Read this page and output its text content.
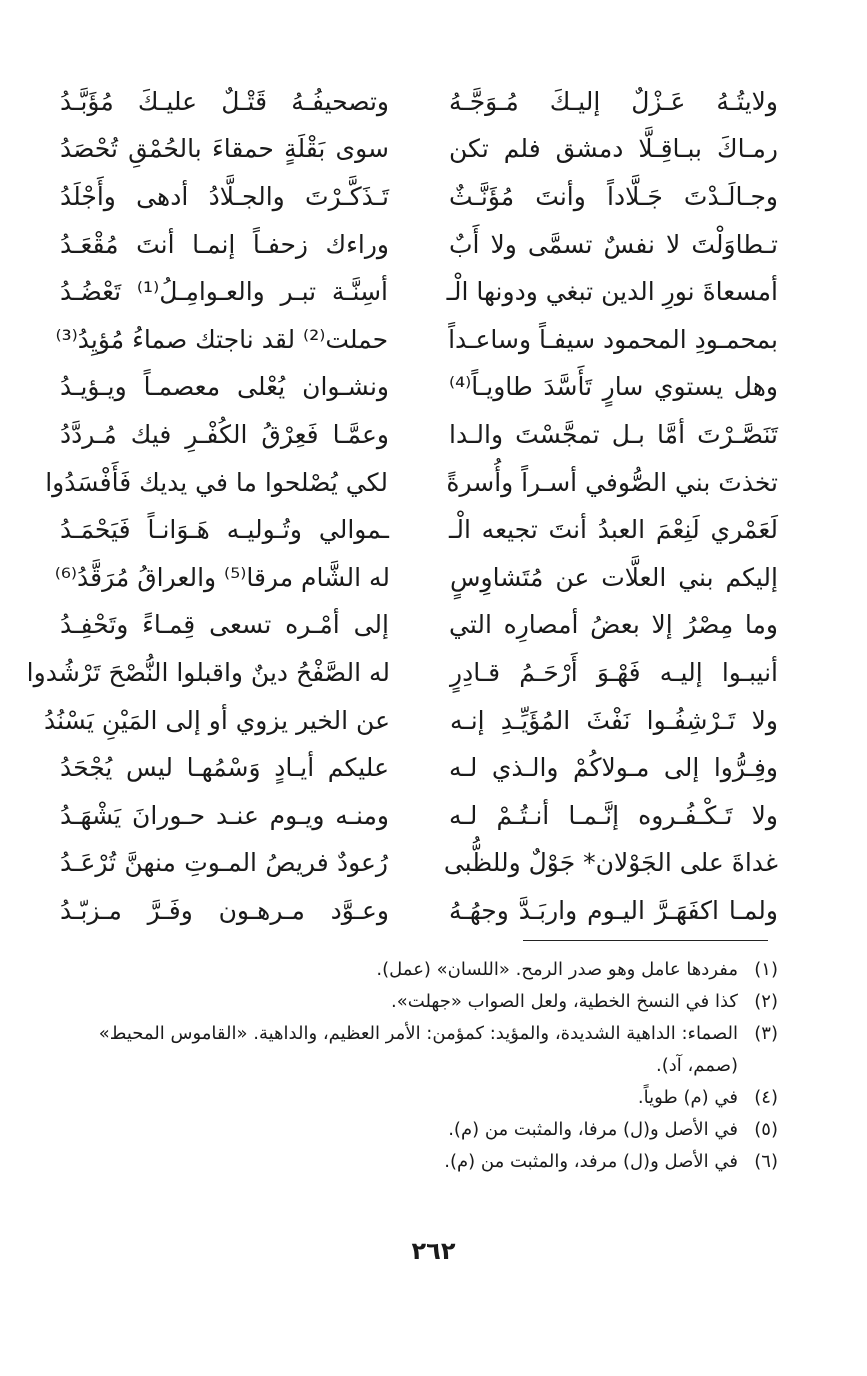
ولايتُـهُ عَـزْلٌ إليـكَ مُـوَجَّـهُ
وتصحيفُـهُ قَتْـلٌ عليـكَ مُؤَبَّـدُ
رمـاكَ ببـاقِـلَّا دمشق فلم تكن
سوى بَقْلَةٍ حمقاءَ بالحُمْقِ تُحْصَدُ
وجـالَـدْتَ جَـلَّاداً وأنتَ مُؤَنَّـثٌ
تَـذَكَّـرْتَ والجـلَّادُ أدهى وأَجْلَدُ
تـطاوَلْتَ لا نفسٌ تسمَّى ولا أَبٌ
وراءك زحفـاً إنمـا أنتَ مُقْعَـدُ
أمسعاةَ نورِ الدين تبغي ودونها الْـ
أسِنَّـة تبـر والعـوامِـلُ⁽¹⁾ تَعْضُـدُ
بمحمـودِ المحمود سيفـاً وساعـداً
حملت⁽²⁾ لقد ناجتك صماءُ مُؤيِدُ⁽³⁾
وهل يستوي سارٍ تَأَسَّدَ طاويـاً⁽⁴⁾
ونشـوان يُعْلى معصمـاً ويـؤيـدُ
تَنَصَّـرْتَ أمَّا بـل تمجَّسْتَ والـدا
وعمَّـا فَعِرْقُ الكُفْـرِ فيك مُـردَّدُ
تخذتَ بني الصُّوفي أسـراً وأُسرةً
لكي يُصْلحوا ما في يديك فَأَفْسَدُوا
لَعَمْري لَنِعْمَ العبدُ أنتَ تجيعه الْـ
ـموالي وتُـوليـه هَـوَانـاً فَيَحْمَـدُ
إليكم بني العلَّات عن مُتَشاوِسٍ
له الشَّام مرقا⁽⁵⁾ والعراقُ مُرَقَّدُ⁽⁶⁾
وما مِصْرُ إلا بعضُ أمصارِه التي
إلى أمْـره تسعى قِمـاءً وتَحْفِـدُ
أنيبـوا إليـه فَهْـوَ أَرْحَـمُ قـادِرٍ
له الصَّفْحُ دينٌ واقبلوا النُّصْحَ تَرْشُدوا
ولا تَـرْشِفُـوا نَفْثَ المُؤَيِّـدِ إنـه
عن الخير يزوي أو إلى المَيْنِ يَسْنُدُ
وفِـرُّوا إلى مـولاكُمْ والـذي لـه
عليكم أيـادٍ وَسْمُهـا ليس يُجْحَدُ
ولا تَـكْـفُـروه إنَّـمـا أنـتُـمْ لـه
ومنـه ويـوم عنـد حـورانَ يَشْهَـدُ
غداةَ على الجَوْلان* جَوْلٌ وللظُّبى
رُعودٌ فريصُ المـوتِ منهنَّ تُرْعَـدُ
ولمـا اكفَهَـرَّ اليـوم واربَـدَّ وجهُـهُ
وعـوَّد مـرهـون وفَـرَّ مـزبّـدُ
(١)
مفردها عامل وهو صدر الرمح. «اللسان» (عمل).
(٢)
كذا في النسخ الخطية، ولعل الصواب «جهلت».
(٣)
الصماء: الداهية الشديدة، والمؤيد: كمؤمن: الأمر العظيم، والداهية. «القاموس المحيط» (صمم، آد).
(٤)
في (م) طوياً.
(٥)
في الأصل و(ل) مرفا، والمثبت من (م).
(٦)
في الأصل و(ل) مرفد، والمثبت من (م).
٢٦٢
